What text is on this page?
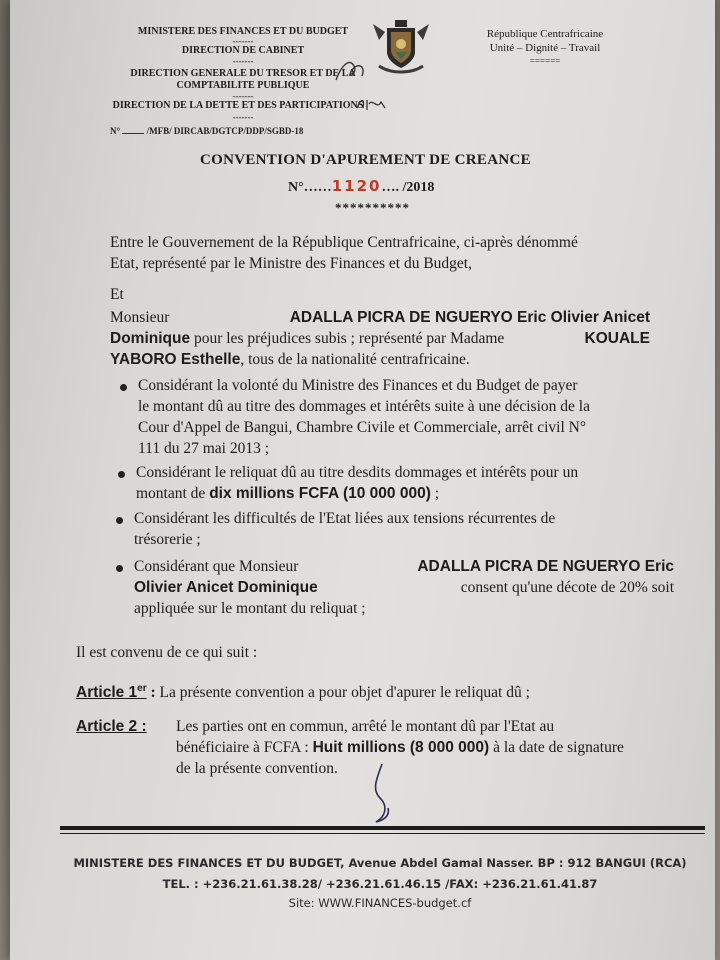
MINISTERE DES FINANCES ET DU BUDGET
-------
DIRECTION DE CABINET
-------
DIRECTION GENERALE DU TRESOR ET DE LA
COMPTABILITE PUBLIQUE
-------
DIRECTION DE LA DETTE ET DES PARTICIPATIONS
-------
N°	/MFB/ DIRCAB/DGTCP/DDP/SGBD-18
République Centrafricaine
Unité – Dignité – Travail
======
CONVENTION D'APUREMENT DE CREANCE
N°……1120…. /2018
**********
Entre le Gouvernement de la République Centrafricaine, ci-après dénommé
Etat, représenté par le Ministre des Finances et du Budget,
Et
Monsieur	ADALLA PICRA DE NGUERYO Eric Olivier Anicet
Dominique pour les préjudices subis ; représenté par Madame	KOUALE
YABORO Esthelle, tous de la nationalité centrafricaine.
Considérant la volonté du Ministre des Finances et du Budget de payer
le montant dû au titre des dommages et intérêts suite à une décision de la
Cour d'Appel de Bangui, Chambre Civile et Commerciale, arrêt civil N°
111 du 27 mai 2013 ;
Considérant le reliquat dû au titre desdits dommages et intérêts pour un
montant de dix millions FCFA (10 000 000) ;
Considérant les difficultés de l'Etat liées aux tensions récurrentes de
trésorerie ;
Considérant que Monsieur	ADALLA PICRA DE NGUERYO Eric
Olivier Anicet Dominique	consent qu'une décote de 20% soit
appliquée sur le montant du reliquat ;
Il est convenu de ce qui suit :
Article 1er : La présente convention a pour objet d'apurer le reliquat dû ;
Article 2 : Les parties ont en commun, arrêté le montant dû par l'Etat au
bénéficiaire à FCFA : Huit millions (8 000 000) à la date de signature
de la présente convention.
MINISTERE DES FINANCES ET DU BUDGET, Avenue Abdel Gamal Nasser. BP : 912 BANGUI (RCA)
TEL. : +236.21.61.38.28/ +236.21.61.46.15 /FAX: +236.21.61.41.87
Site: WWW.FINANCES-budget.cf
